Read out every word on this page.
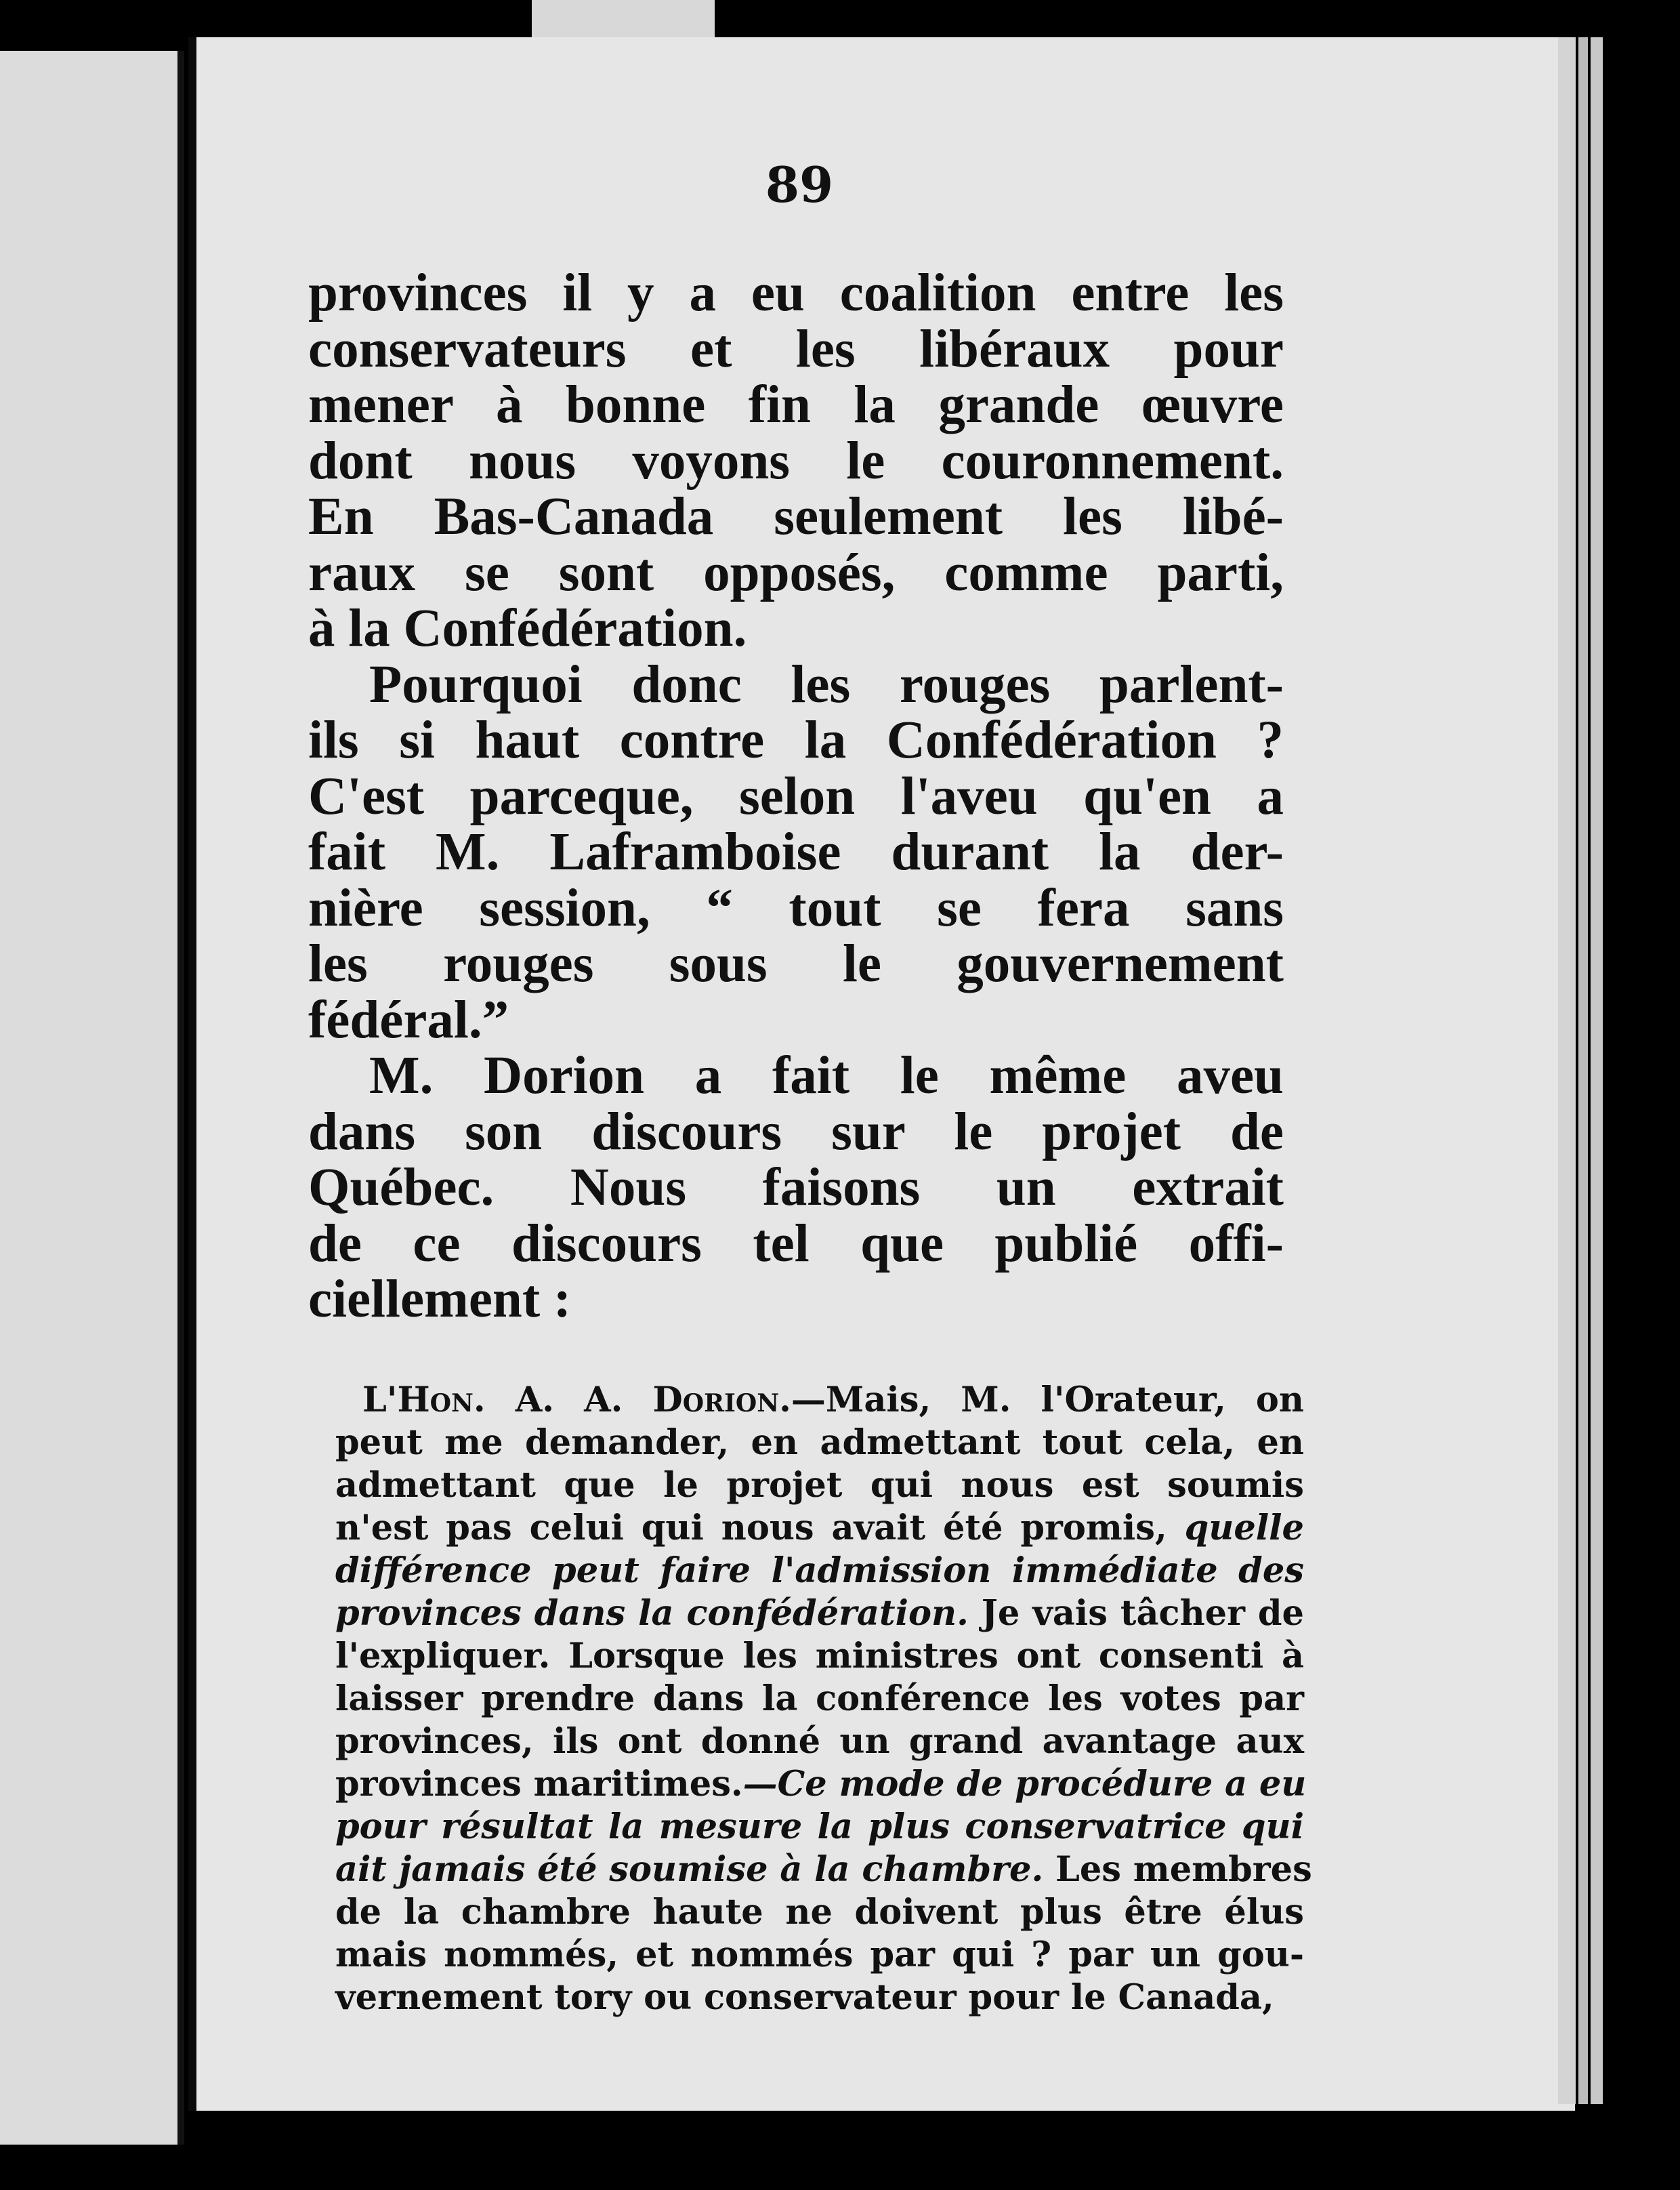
89
provinces il y a eu coalition entre les
conservateurs et les libéraux pour
mener à bonne fin la grande œuvre
dont nous voyons le couronnement.
En Bas-Canada seulement les libé-
raux se sont opposés, comme parti,
à la Confédération.
Pourquoi donc les rouges parlent-
ils si haut contre la Confédération ?
C'est parceque, selon l'aveu qu'en a
fait M. Laframboise durant la der-
nière session, “ tout se fera sans
les rouges sous le gouvernement
fédéral.”
M. Dorion a fait le même aveu
dans son discours sur le projet de
Québec. Nous faisons un extrait
de ce discours tel que publié offi-
ciellement :
L'Hon. A. A. Dorion.—Mais, M. l'Orateur, on
peut me demander, en admettant tout cela, en
admettant que le projet qui nous est soumis
n'est pas celui qui nous avait été promis, quelle
différence peut faire l'admission immédiate des
provinces dans la confédération. Je vais tâcher de
l'expliquer. Lorsque les ministres ont consenti à
laisser prendre dans la conférence les votes par
provinces, ils ont donné un grand avantage aux
provinces maritimes.—Ce mode de procédure a eu
pour résultat la mesure la plus conservatrice qui
ait jamais été soumise à la chambre. Les membres
de la chambre haute ne doivent plus être élus
mais nommés, et nommés par qui ? par un gou-
vernement tory ou conservateur pour le Canada,
